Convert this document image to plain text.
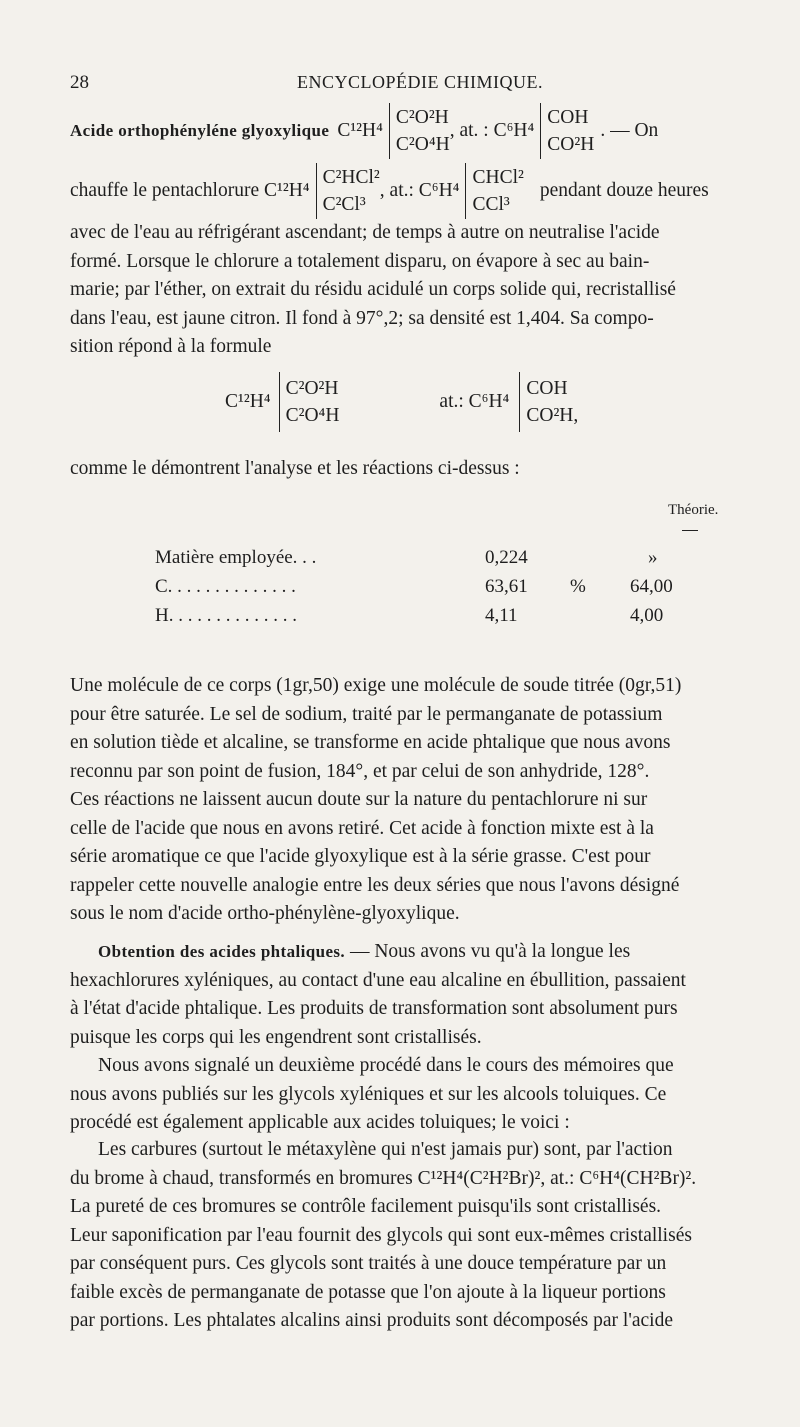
28	ENCYCLOPÉDIE CHIMIQUE.
Acide orthophényléne glyoxylique C¹²H⁴
C²O²H
C²O⁴H
, at. : C⁶H⁴
COH
CO²H
. — On
chauffe le pentachlorure C¹²H⁴
C²HCl²
C²Cl³
, at.: C⁶H⁴
CHCl²
CCl³
pendant douze heures
avec de l'eau au réfrigérant ascendant; de temps à autre on neutralise l'acide
formé. Lorsque le chlorure a totalement disparu, on évapore à sec au bain-
marie; par l'éther, on extrait du résidu acidulé un corps solide qui, recristallisé
dans l'eau, est jaune citron. Il fond à 97°,2; sa densité est 1,404. Sa compo-
sition répond à la formule
C¹²H⁴
C²O²H
C²O⁴H
at.: C⁶H⁴
COH
CO²H,
comme le démontrent l'analyse et les réactions ci-dessus :
Théorie.
Matière employée. . .	0,224		»
C. . . . . . . . . . . . . .	63,61	%	64,00
H. . . . . . . . . . . . . .	4,11		4,00
Une molécule de ce corps (1gr,50) exige une molécule de soude titrée (0gr,51)
pour être saturée. Le sel de sodium, traité par le permanganate de potassium
en solution tiède et alcaline, se transforme en acide phtalique que nous avons
reconnu par son point de fusion, 184°, et par celui de son anhydride, 128°.
Ces réactions ne laissent aucun doute sur la nature du pentachlorure ni sur
celle de l'acide que nous en avons retiré. Cet acide à fonction mixte est à la
série aromatique ce que l'acide glyoxylique est à la série grasse. C'est pour
rappeler cette nouvelle analogie entre les deux séries que nous l'avons désigné
sous le nom d'acide ortho-phénylène-glyoxylique.
Obtention des acides phtaliques. — Nous avons vu qu'à la longue les
hexachlorures xyléniques, au contact d'une eau alcaline en ébullition, passaient
à l'état d'acide phtalique. Les produits de transformation sont absolument purs
puisque les corps qui les engendrent sont cristallisés.
Nous avons signalé un deuxième procédé dans le cours des mémoires que
nous avons publiés sur les glycols xyléniques et sur les alcools toluiques. Ce
procédé est également applicable aux acides toluiques; le voici :
Les carbures (surtout le métaxylène qui n'est jamais pur) sont, par l'action
du brome à chaud, transformés en bromures C¹²H⁴(C²H²Br)², at.: C⁶H⁴(CH²Br)².
La pureté de ces bromures se contrôle facilement puisqu'ils sont cristallisés.
Leur saponification par l'eau fournit des glycols qui sont eux-mêmes cristallisés
par conséquent purs. Ces glycols sont traités à une douce température par un
faible excès de permanganate de potasse que l'on ajoute à la liqueur portions
par portions. Les phtalates alcalins ainsi produits sont décomposés par l'acide
